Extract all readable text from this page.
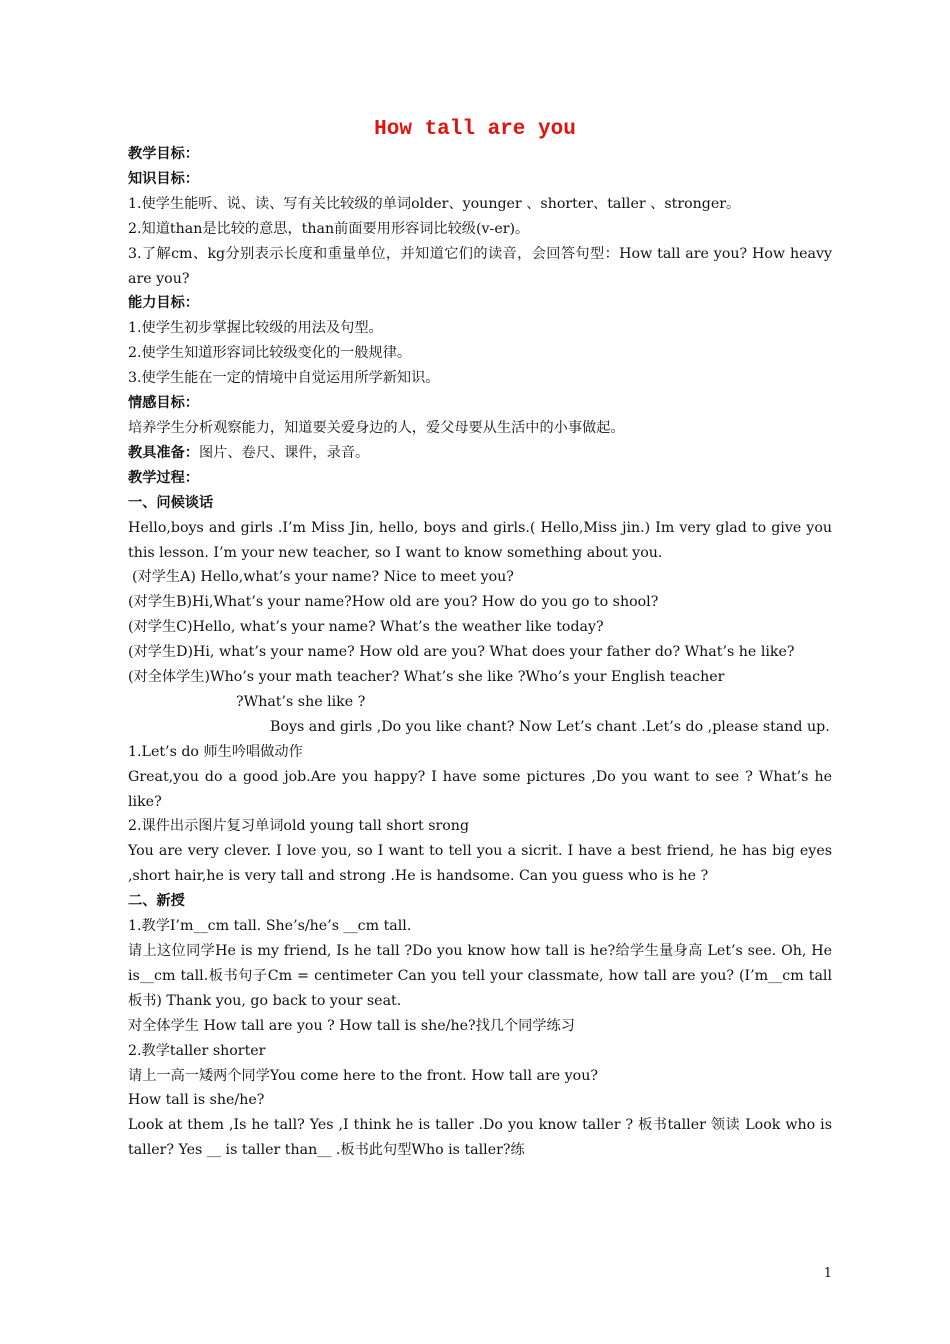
How tall are you

教学目标：

知识目标：

1.使学生能听、说、读、写有关比较级的单词older、younger 、shorter、taller 、stronger。

2.知道than是比较的意思，than前面要用形容词比较级(v-er)。

3.了解cm、kg分别表示长度和重量单位，并知道它们的读音，会回答句型：How tall are you? How heavy are you?

能力目标：

1.使学生初步掌握比较级的用法及句型。

2.使学生知道形容词比较级变化的一般规律。

3.使学生能在一定的情境中自觉运用所学新知识。

情感目标：

培养学生分析观察能力，知道要关爱身边的人，爱父母要从生活中的小事做起。

教具准备：图片、卷尺、课件，录音。

教学过程：

一、问候谈话

Hello,boys and girls .I’m Miss Jin, hello, boys and girls.( Hello,Miss jin.) Im very glad to give you this lesson. I’m your new teacher, so I want to know something about you.

(对学生A) Hello,what’s your name? Nice to meet you?

(对学生B)Hi,What’s your name?How old are you? How do you go to shool?

(对学生C)Hello, what’s your name? What’s the weather like today?

(对学生D) Hi, what’s your name? How old are you? What does your father do? What’s he like?

(对全体学生)Who’s your math teacher? What’s she like ?Who’s your English teacher

?What’s she like ?

Boys and girls ,Do you like chant? Now Let’s chant .Let’s do ,please stand up.

1.Let’s do 师生吟唱做动作

Great,you do a good job.Are you happy? I have some pictures ,Do you want to see ? What’s he like?

2.课件出示图片复习单词old young tall short srong

You are very clever. I love you, so I want to tell you a sicrit. I have a best friend, he has big eyes ,short hair,he is very tall and strong .He is handsome. Can you guess who is he ?

二、新授

1.教学I’m__cm tall. She’s/he’s __cm tall.

请上这位同学He is my friend, Is he tall ?Do you know how tall is he?给学生量身高 Let’s see. Oh, He is__cm tall.板书句子Cm = centimeter Can you tell your classmate, how tall are you? (I’m__cm tall板书) Thank you, go back to your seat.

对全体学生 How tall are you ? How tall is she/he?找几个同学练习

2.教学taller shorter

请上一高一矮两个同学You come here to the front. How tall are you?

How tall is she/he?

Look at them ,Is he tall? Yes ,I think he is taller .Do you know taller ? 板书taller 领读 Look who is taller? Yes __ is taller than__ .板书此句型Who is taller?练

1
